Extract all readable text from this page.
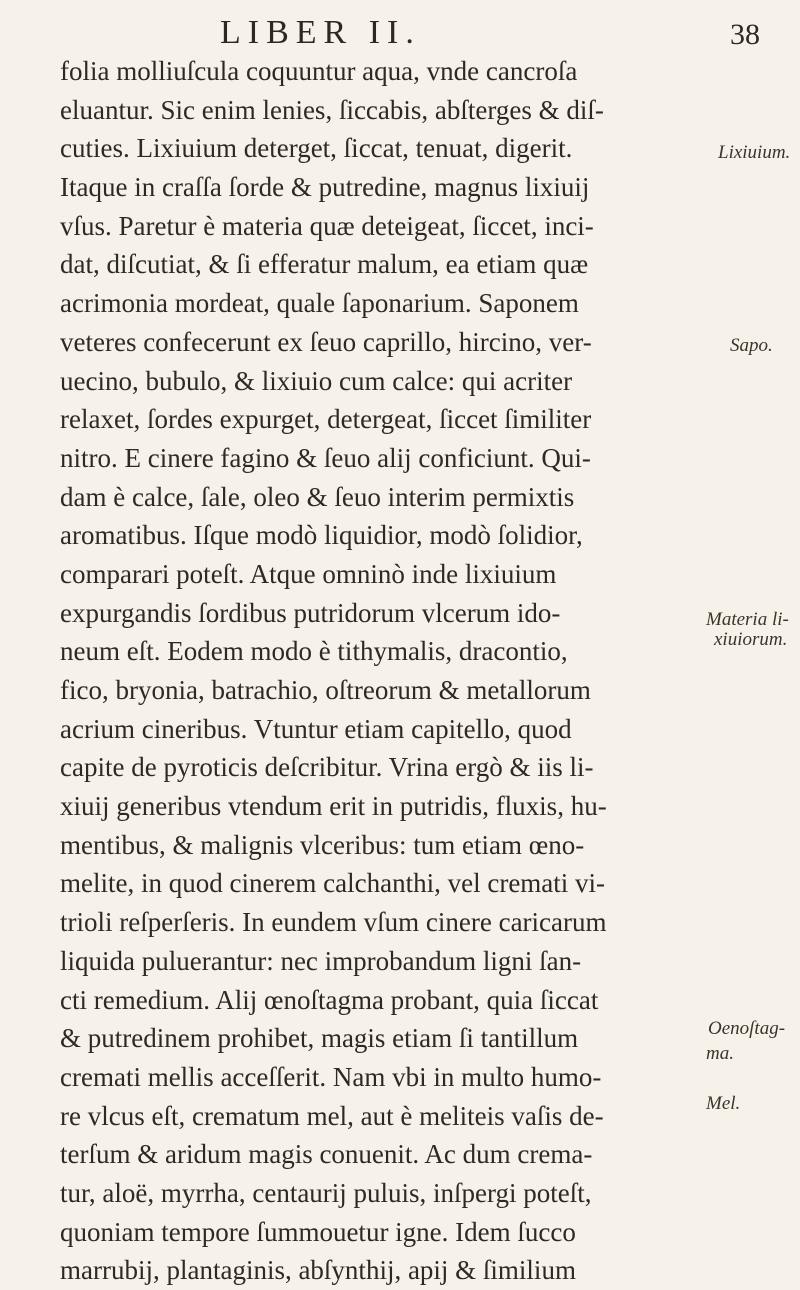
LIBER II.	38
folia molliuſcula coquuntur aqua, vnde cancroſa
eluantur. Sic enim lenies, ſiccabis, abſterges & diſ-
cuties. Lixiuium deterget, ſiccat, tenuat, digerit.
Itaque in craſſa ſorde & putredine, magnus lixiuij
vſus. Paretur è materia quæ deteigeat, ſiccet, inci-
dat, diſcutiat, & ſi efferatur malum, ea etiam quæ
acrimonia mordeat, quale ſaponarium. Saponem
veteres confecerunt ex ſeuo caprillo, hircino, ver-
uecino, bubulo, & lixiuio cum calce: qui acriter
relaxet, ſordes expurget, detergeat, ſiccet ſimiliter
nitro. E cinere fagino & ſeuo alij conficiunt. Qui-
dam è calce, ſale, oleo & ſeuo interim permixtis
aromatibus. Iſque modò liquidior, modò ſolidior,
comparari poteſt. Atque omninò inde lixiuium
expurgandis ſordibus putridorum vlcerum ido-
neum eſt. Eodem modo è tithymalis, dracontio,
fico, bryonia, batrachio, oſtreorum & metallorum
acrium cineribus. Vtuntur etiam capitello, quod
capite de pyroticis deſcribitur. Vrina ergò & iis li-
xiuij generibus vtendum erit in putridis, fluxis, hu-
mentibus, & malignis vlceribus: tum etiam œno-
melite, in quod cinerem calchanthi, vel cremati vi-
trioli reſperſeris. In eundem vſum cinere caricarum
liquida puluerantur: nec improbandum ligni ſan-
cti remedium. Alij œnoſtagma probant, quia ſiccat
& putredinem prohibet, magis etiam ſi tantillum
cremati mellis acceſſerit. Nam vbi in multo humo-
re vlcus eſt, crematum mel, aut è meliteis vaſis de-
terſum & aridum magis conuenit. Ac dum crema-
tur, aloë, myrrha, centaurij puluis, inſpergi poteſt,
quoniam tempore ſummouetur igne. Idem ſucco
marrubij, plantaginis, abſynthij, apij & ſimilium
Lixiuium.
Sapo.
Materia li-
xiuiorum.
Oenoſtag-
ma.
Mel.
